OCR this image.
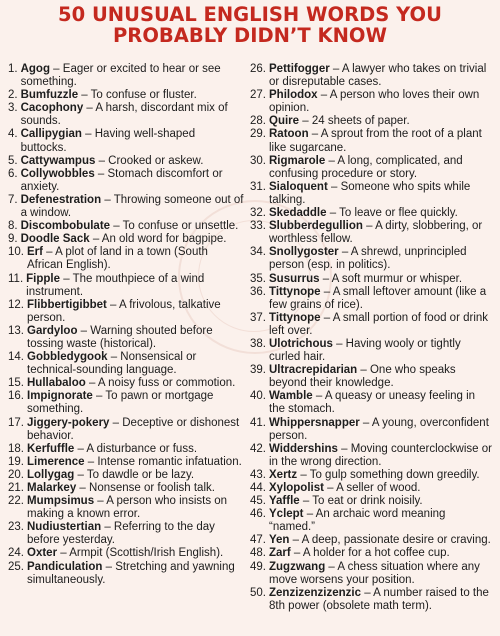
50 UNUSUAL ENGLISH WORDS YOU
PROBABLY DIDN’T KNOW
1. Agog – Eager or excited to hear or see something.
2. Bumfuzzle – To confuse or fluster.
3. Cacophony – A harsh, discordant mix of sounds.
4. Callipygian – Having well-shaped buttocks.
5. Cattywampus – Crooked or askew.
6. Collywobbles – Stomach discomfort or anxiety.
7. Defenestration – Throwing someone out of a window.
8. Discombobulate – To confuse or unsettle.
9. Doodle Sack – An old word for bagpipe.
10. Erf – A plot of land in a town (South African English).
11. Fipple – The mouthpiece of a wind instrument.
12. Flibbertigibbet – A frivolous, talkative person.
13. Gardyloo – Warning shouted before tossing waste (historical).
14. Gobbledygook – Nonsensical or technical-sounding language.
15. Hullabaloo – A noisy fuss or commotion.
16. Impignorate – To pawn or mortgage something.
17. Jiggery-pokery – Deceptive or dishonest behavior.
18. Kerfuffle – A disturbance or fuss.
19. Limerence – Intense romantic infatuation.
20. Lollygag – To dawdle or be lazy.
21. Malarkey – Nonsense or foolish talk.
22. Mumpsimus – A person who insists on making a known error.
23. Nudiustertian – Referring to the day before yesterday.
24. Oxter – Armpit (Scottish/Irish English).
25. Pandiculation – Stretching and yawning simultaneously.
26. Pettifogger – A lawyer who takes on trivial or disreputable cases.
27. Philodox – A person who loves their own opinion.
28. Quire – 24 sheets of paper.
29. Ratoon – A sprout from the root of a plant like sugarcane.
30. Rigmarole – A long, complicated, and confusing procedure or story.
31. Sialoquent – Someone who spits while talking.
32. Skedaddle – To leave or flee quickly.
33. Slubberdegullion – A dirty, slobbering, or worthless fellow.
34. Snollygoster – A shrewd, unprincipled person (esp. in politics).
35. Susurrus – A soft murmur or whisper.
36. Tittynope – A small leftover amount (like a few grains of rice).
37. Tittynope – A small portion of food or drink left over.
38. Ulotrichous – Having wooly or tightly curled hair.
39. Ultracrepidarian – One who speaks beyond their knowledge.
40. Wamble – A queasy or uneasy feeling in the stomach.
41. Whippersnapper – A young, overconfident person.
42. Widdershins – Moving counterclockwise or in the wrong direction.
43. Xertz – To gulp something down greedily.
44. Xylopolist – A seller of wood.
45. Yaffle – To eat or drink noisily.
46. Yclept – An archaic word meaning “named.”
47. Yen – A deep, passionate desire or craving.
48. Zarf – A holder for a hot coffee cup.
49. Zugzwang – A chess situation where any move worsens your position.
50. Zenzizenzizenzic – A number raised to the 8th power (obsolete math term).
